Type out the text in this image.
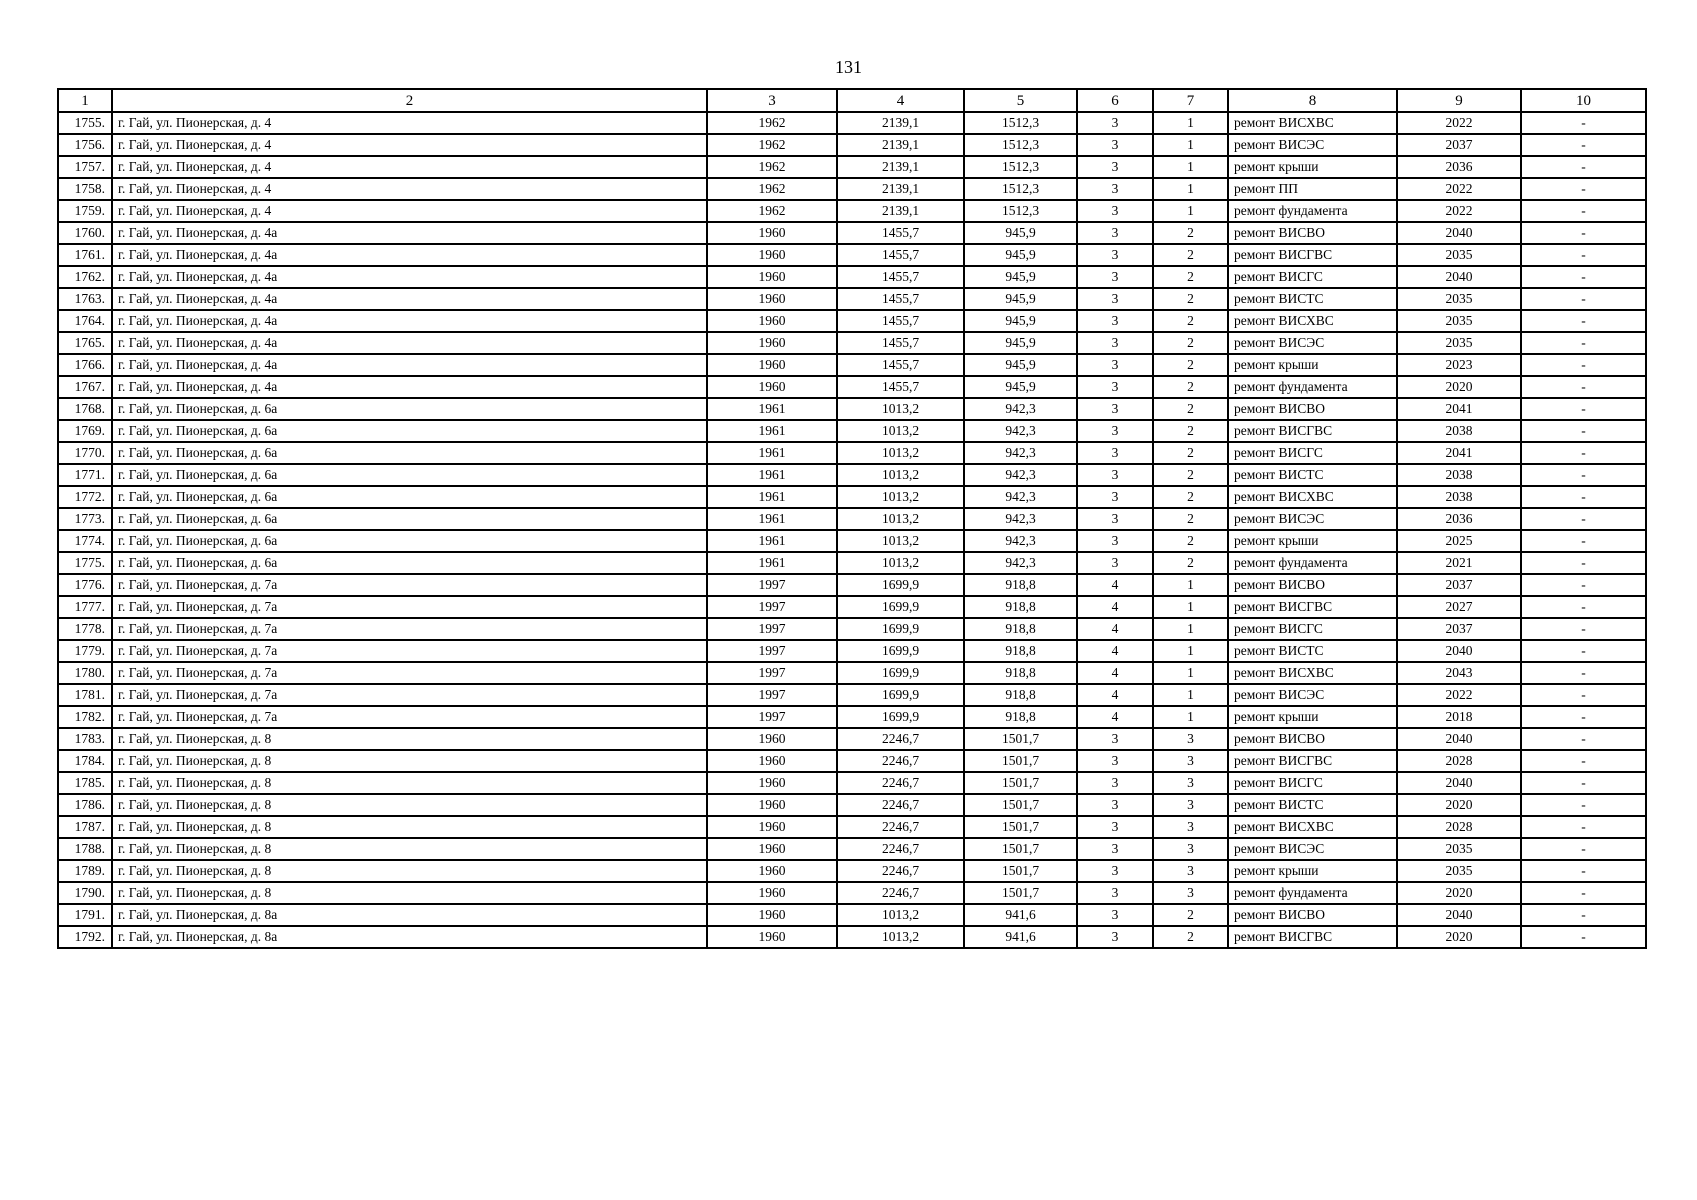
131
1	2	3	4	5	6	7	8	9	10
1755.	г. Гай, ул. Пионерская, д. 4	1962	2139,1	1512,3	3	1	ремонт ВИСХВС	2022	-
1756.	г. Гай, ул. Пионерская, д. 4	1962	2139,1	1512,3	3	1	ремонт ВИСЭС	2037	-
1757.	г. Гай, ул. Пионерская, д. 4	1962	2139,1	1512,3	3	1	ремонт крыши	2036	-
1758.	г. Гай, ул. Пионерская, д. 4	1962	2139,1	1512,3	3	1	ремонт ПП	2022	-
1759.	г. Гай, ул. Пионерская, д. 4	1962	2139,1	1512,3	3	1	ремонт фундамента	2022	-
1760.	г. Гай, ул. Пионерская, д. 4а	1960	1455,7	945,9	3	2	ремонт ВИСВО	2040	-
1761.	г. Гай, ул. Пионерская, д. 4а	1960	1455,7	945,9	3	2	ремонт ВИСГВС	2035	-
1762.	г. Гай, ул. Пионерская, д. 4а	1960	1455,7	945,9	3	2	ремонт ВИСГС	2040	-
1763.	г. Гай, ул. Пионерская, д. 4а	1960	1455,7	945,9	3	2	ремонт ВИСТС	2035	-
1764.	г. Гай, ул. Пионерская, д. 4а	1960	1455,7	945,9	3	2	ремонт ВИСХВС	2035	-
1765.	г. Гай, ул. Пионерская, д. 4а	1960	1455,7	945,9	3	2	ремонт ВИСЭС	2035	-
1766.	г. Гай, ул. Пионерская, д. 4а	1960	1455,7	945,9	3	2	ремонт крыши	2023	-
1767.	г. Гай, ул. Пионерская, д. 4а	1960	1455,7	945,9	3	2	ремонт фундамента	2020	-
1768.	г. Гай, ул. Пионерская, д. 6а	1961	1013,2	942,3	3	2	ремонт ВИСВО	2041	-
1769.	г. Гай, ул. Пионерская, д. 6а	1961	1013,2	942,3	3	2	ремонт ВИСГВС	2038	-
1770.	г. Гай, ул. Пионерская, д. 6а	1961	1013,2	942,3	3	2	ремонт ВИСГС	2041	-
1771.	г. Гай, ул. Пионерская, д. 6а	1961	1013,2	942,3	3	2	ремонт ВИСТС	2038	-
1772.	г. Гай, ул. Пионерская, д. 6а	1961	1013,2	942,3	3	2	ремонт ВИСХВС	2038	-
1773.	г. Гай, ул. Пионерская, д. 6а	1961	1013,2	942,3	3	2	ремонт ВИСЭС	2036	-
1774.	г. Гай, ул. Пионерская, д. 6а	1961	1013,2	942,3	3	2	ремонт крыши	2025	-
1775.	г. Гай, ул. Пионерская, д. 6а	1961	1013,2	942,3	3	2	ремонт фундамента	2021	-
1776.	г. Гай, ул. Пионерская, д. 7а	1997	1699,9	918,8	4	1	ремонт ВИСВО	2037	-
1777.	г. Гай, ул. Пионерская, д. 7а	1997	1699,9	918,8	4	1	ремонт ВИСГВС	2027	-
1778.	г. Гай, ул. Пионерская, д. 7а	1997	1699,9	918,8	4	1	ремонт ВИСГС	2037	-
1779.	г. Гай, ул. Пионерская, д. 7а	1997	1699,9	918,8	4	1	ремонт ВИСТС	2040	-
1780.	г. Гай, ул. Пионерская, д. 7а	1997	1699,9	918,8	4	1	ремонт ВИСХВС	2043	-
1781.	г. Гай, ул. Пионерская, д. 7а	1997	1699,9	918,8	4	1	ремонт ВИСЭС	2022	-
1782.	г. Гай, ул. Пионерская, д. 7а	1997	1699,9	918,8	4	1	ремонт крыши	2018	-
1783.	г. Гай, ул. Пионерская, д. 8	1960	2246,7	1501,7	3	3	ремонт ВИСВО	2040	-
1784.	г. Гай, ул. Пионерская, д. 8	1960	2246,7	1501,7	3	3	ремонт ВИСГВС	2028	-
1785.	г. Гай, ул. Пионерская, д. 8	1960	2246,7	1501,7	3	3	ремонт ВИСГС	2040	-
1786.	г. Гай, ул. Пионерская, д. 8	1960	2246,7	1501,7	3	3	ремонт ВИСТС	2020	-
1787.	г. Гай, ул. Пионерская, д. 8	1960	2246,7	1501,7	3	3	ремонт ВИСХВС	2028	-
1788.	г. Гай, ул. Пионерская, д. 8	1960	2246,7	1501,7	3	3	ремонт ВИСЭС	2035	-
1789.	г. Гай, ул. Пионерская, д. 8	1960	2246,7	1501,7	3	3	ремонт крыши	2035	-
1790.	г. Гай, ул. Пионерская, д. 8	1960	2246,7	1501,7	3	3	ремонт фундамента	2020	-
1791.	г. Гай, ул. Пионерская, д. 8а	1960	1013,2	941,6	3	2	ремонт ВИСВО	2040	-
1792.	г. Гай, ул. Пионерская, д. 8а	1960	1013,2	941,6	3	2	ремонт ВИСГВС	2020	-
